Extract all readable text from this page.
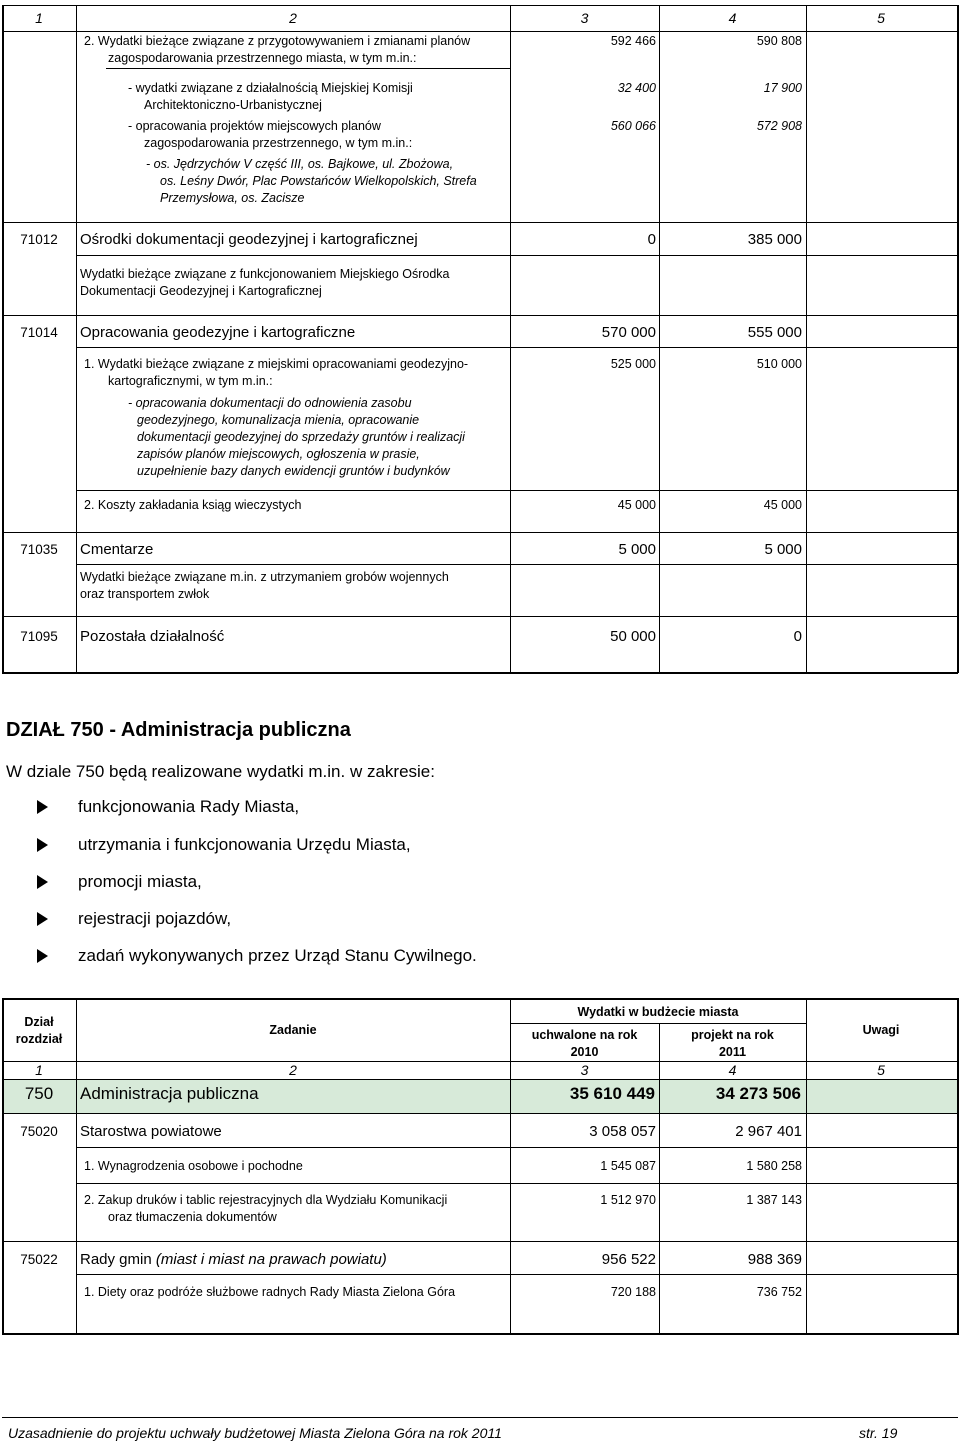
1	2	3	4	5
2. Wydatki bieżące związane z przygotowywaniem i zmianami planów
zagospodarowania przestrzennego miasta, w tym m.in.:
592 466	590 808
- wydatki związane z działalnością Miejskiej Komisji
Architektoniczno-Urbanistycznej
32 400	17 900
- opracowania projektów miejscowych planów
zagospodarowania przestrzennego, w tym m.in.:
560 066	572 908
- os. Jędrzychów V część III, os. Bajkowe, ul. Zbożowa,
os. Leśny Dwór, Plac Powstańców Wielkopolskich, Strefa
Przemysłowa, os. Zacisze
71012	Ośrodki dokumentacji geodezyjnej i kartograficznej	0	385 000
Wydatki bieżące związane z funkcjonowaniem Miejskiego Ośrodka
Dokumentacji Geodezyjnej i Kartograficznej
71014	Opracowania geodezyjne i kartograficzne	570 000	555 000
1. Wydatki bieżące związane z miejskimi opracowaniami geodezyjno-
kartograficznymi, w tym m.in.:
525 000	510 000
- opracowania dokumentacji do odnowienia zasobu
geodezyjnego, komunalizacja mienia, opracowanie
dokumentacji geodezyjnej do sprzedaży gruntów i realizacji
zapisów planów miejscowych, ogłoszenia w prasie,
uzupełnienie bazy danych ewidencji gruntów i budynków
2. Koszty zakładania ksiąg wieczystych	45 000	45 000
71035	Cmentarze	5 000	5 000
Wydatki bieżące związane m.in. z utrzymaniem grobów wojennych
oraz transportem zwłok
71095	Pozostała działalność	50 000	0
DZIAŁ 750 - Administracja publiczna
W dziale 750 będą realizowane wydatki m.in. w zakresie:
funkcjonowania Rady Miasta,
utrzymania i funkcjonowania Urzędu Miasta,
promocji miasta,
rejestracji pojazdów,
zadań wykonywanych przez Urząd Stanu Cywilnego.
Dział
rozdział
Zadanie
Wydatki w budżecie miasta
uchwalone na rok
2010
projekt na rok
2011
Uwagi
1	2	3	4	5
750	Administracja publiczna	35 610 449	34 273 506
75020	Starostwa powiatowe	3 058 057	2 967 401
1. Wynagrodzenia osobowe i pochodne	1 545 087	1 580 258
2. Zakup druków i tablic rejestracyjnych dla Wydziału Komunikacji
oraz tłumaczenia dokumentów
1 512 970	1 387 143
75022	Rady gmin (miast i miast na prawach powiatu)	956 522	988 369
1. Diety oraz podróże służbowe radnych Rady Miasta Zielona Góra	720 188	736 752
Uzasadnienie do projektu uchwały budżetowej Miasta Zielona Góra na rok 2011	str. 19
